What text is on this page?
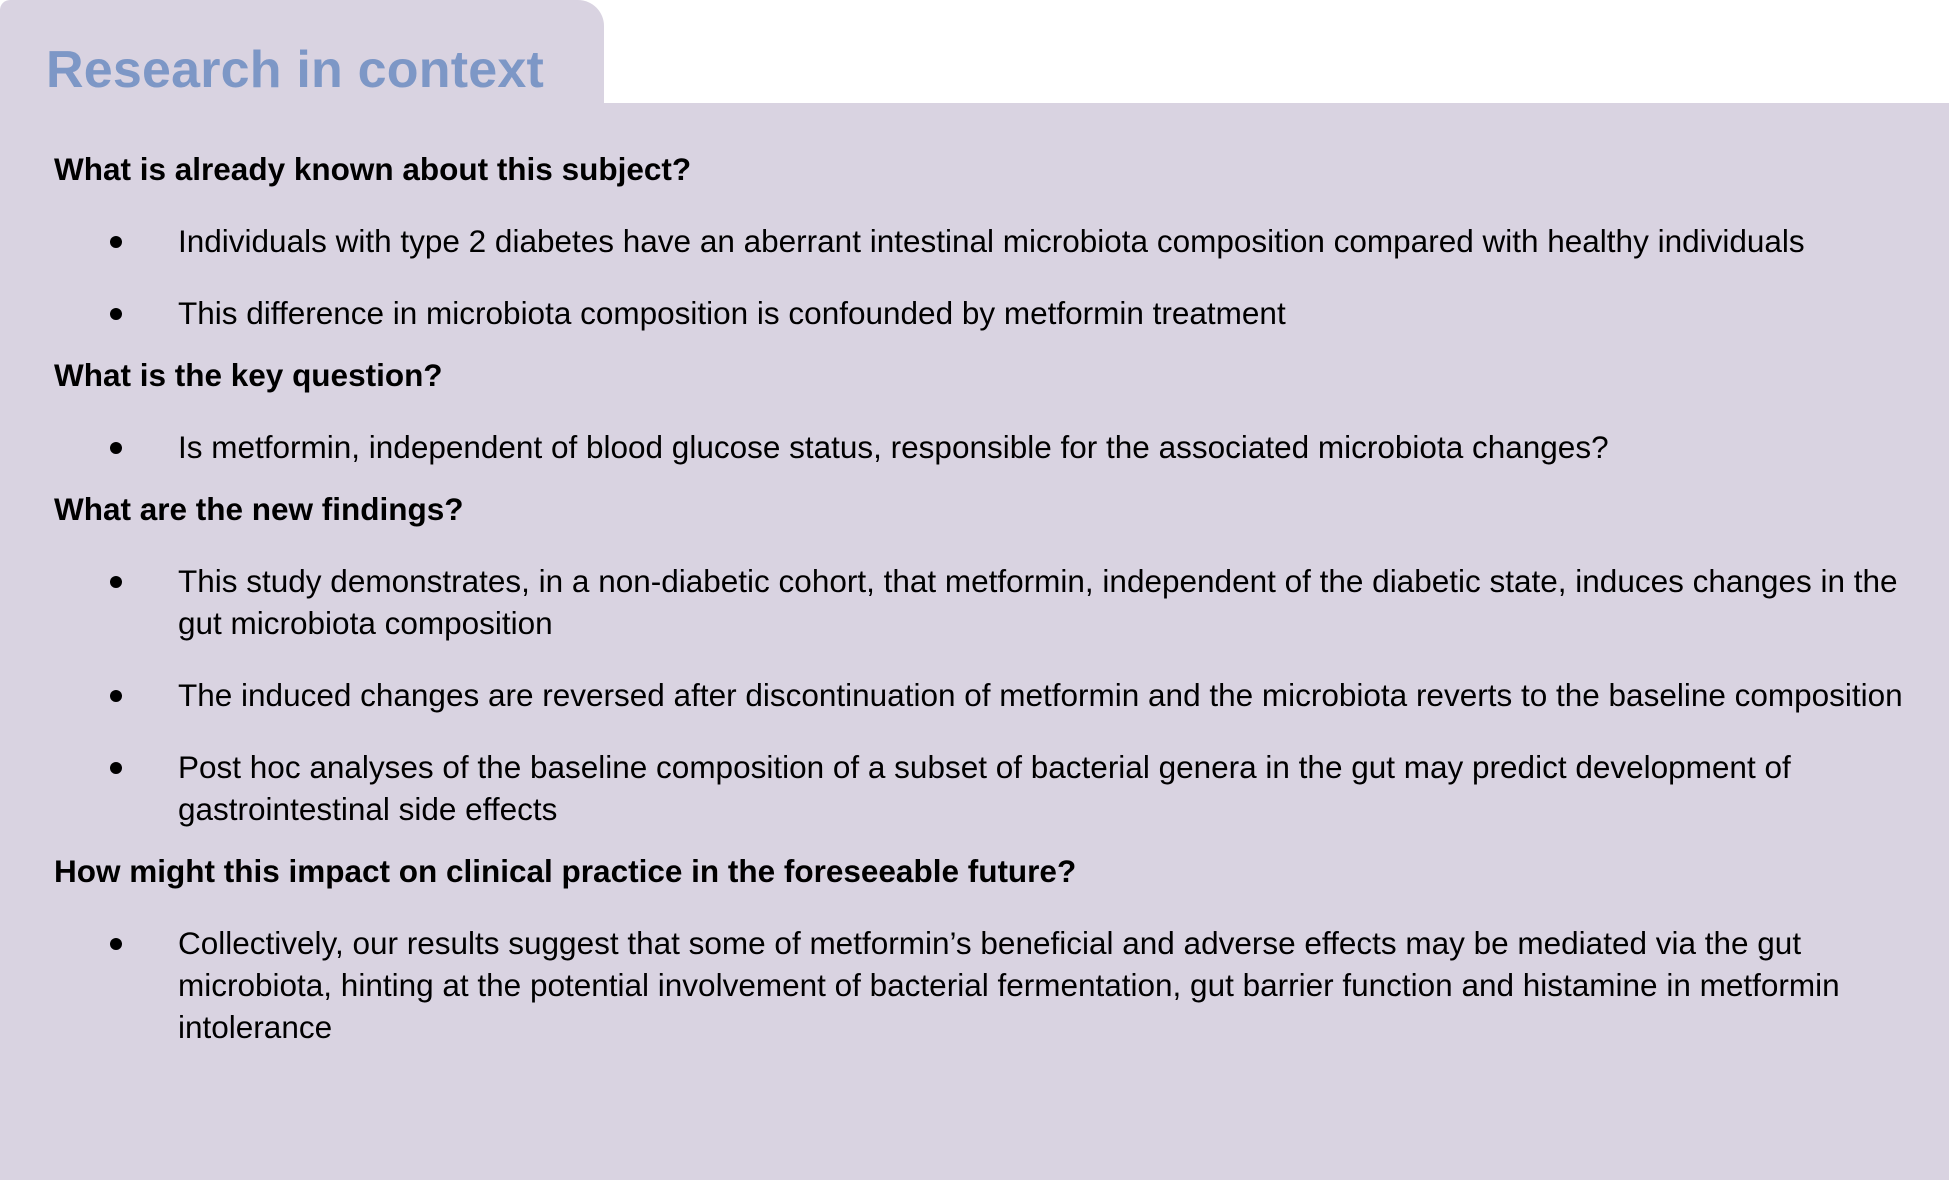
Research in context
What is already known about this subject?
Individuals with type 2 diabetes have an aberrant intestinal microbiota composition compared with healthy individuals
This difference in microbiota composition is confounded by metformin treatment
What is the key question?
Is metformin, independent of blood glucose status, responsible for the associated microbiota changes?
What are the new findings?
This study demonstrates, in a non-diabetic cohort, that metformin, independent of the diabetic state, induces changes in the gut microbiota composition
The induced changes are reversed after discontinuation of metformin and the microbiota reverts to the baseline composition
Post hoc analyses of the baseline composition of a subset of bacterial genera in the gut may predict development of gastrointestinal side effects
How might this impact on clinical practice in the foreseeable future?
Collectively, our results suggest that some of metformin’s beneficial and adverse effects may be mediated via the gut microbiota, hinting at the potential involvement of bacterial fermentation, gut barrier function and histamine in metformin intolerance
